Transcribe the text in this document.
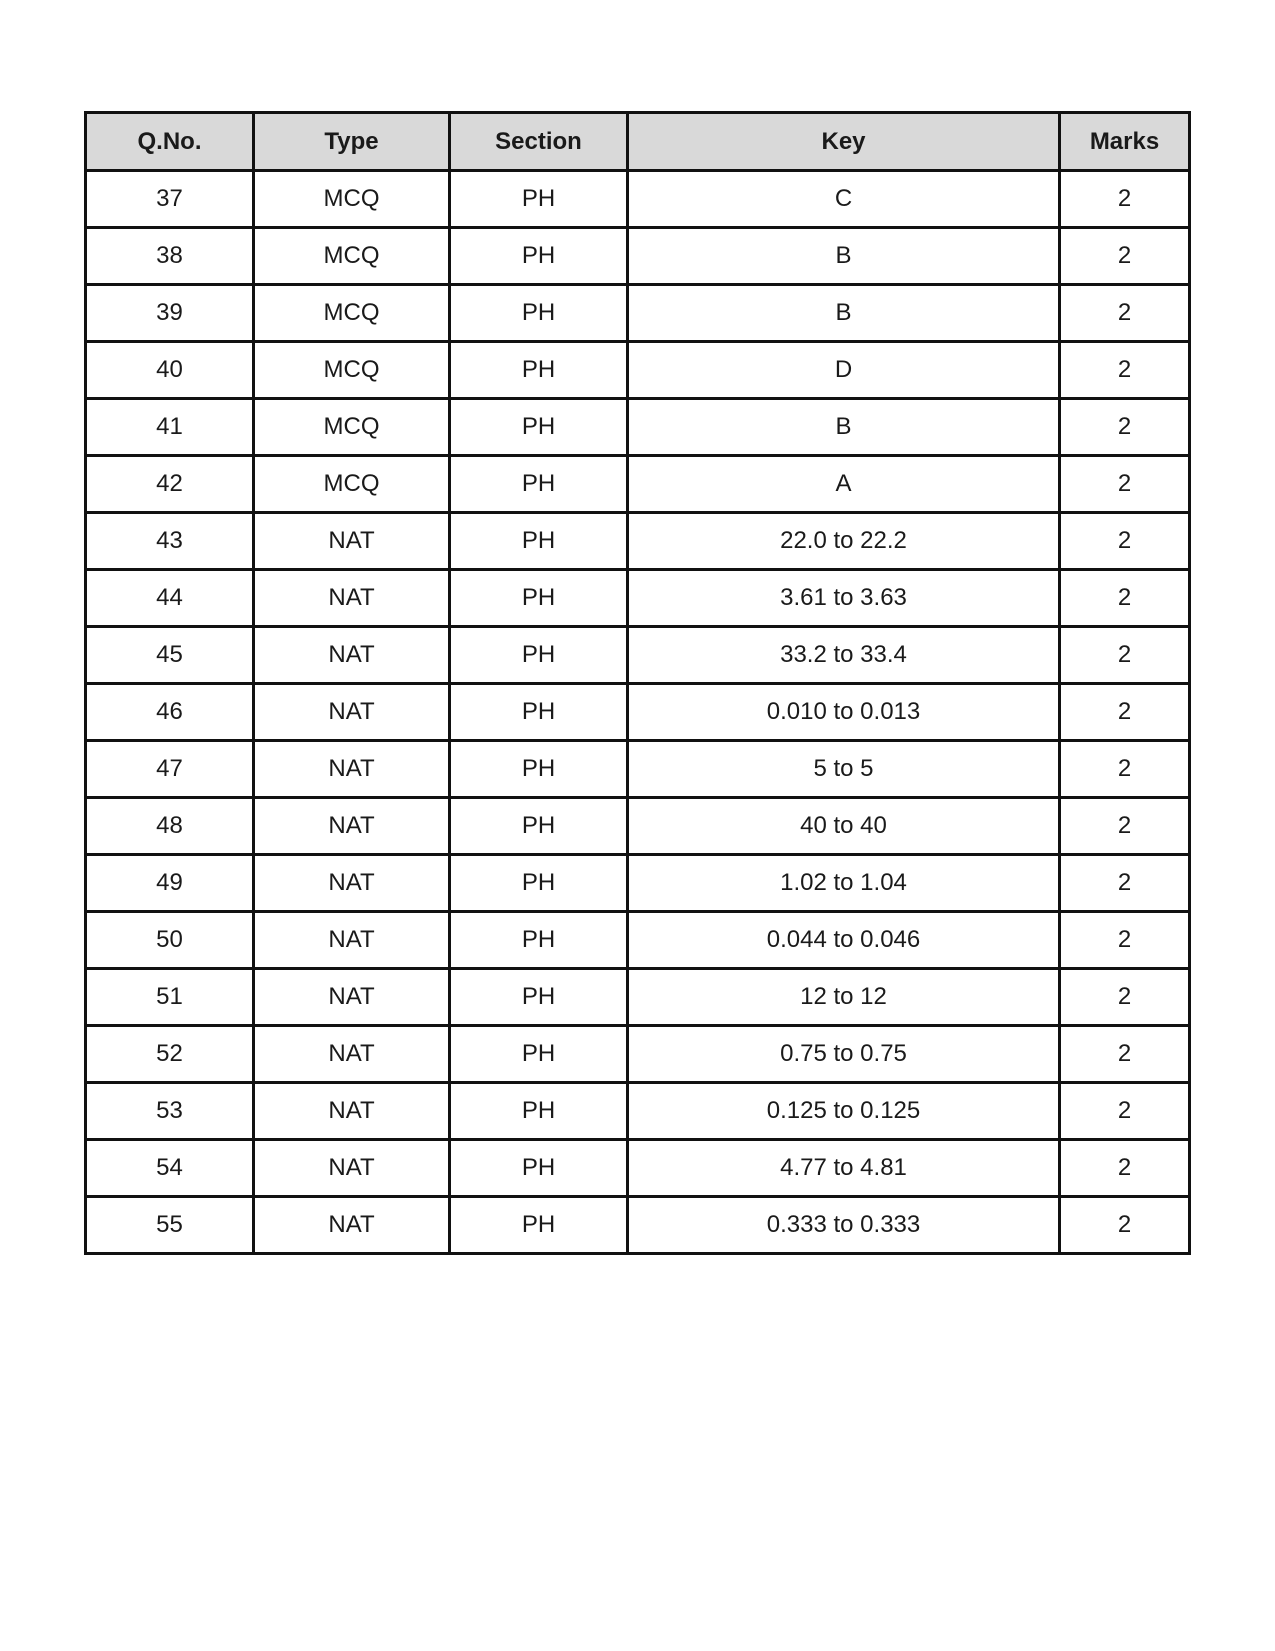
Q.No.	Type	Section	Key	Marks
37	MCQ	PH	C	2
38	MCQ	PH	B	2
39	MCQ	PH	B	2
40	MCQ	PH	D	2
41	MCQ	PH	B	2
42	MCQ	PH	A	2
43	NAT	PH	22.0 to 22.2	2
44	NAT	PH	3.61 to 3.63	2
45	NAT	PH	33.2 to 33.4	2
46	NAT	PH	0.010 to 0.013	2
47	NAT	PH	5 to 5	2
48	NAT	PH	40 to 40	2
49	NAT	PH	1.02 to 1.04	2
50	NAT	PH	0.044 to 0.046	2
51	NAT	PH	12 to 12	2
52	NAT	PH	0.75 to 0.75	2
53	NAT	PH	0.125 to 0.125	2
54	NAT	PH	4.77 to 4.81	2
55	NAT	PH	0.333 to 0.333	2
